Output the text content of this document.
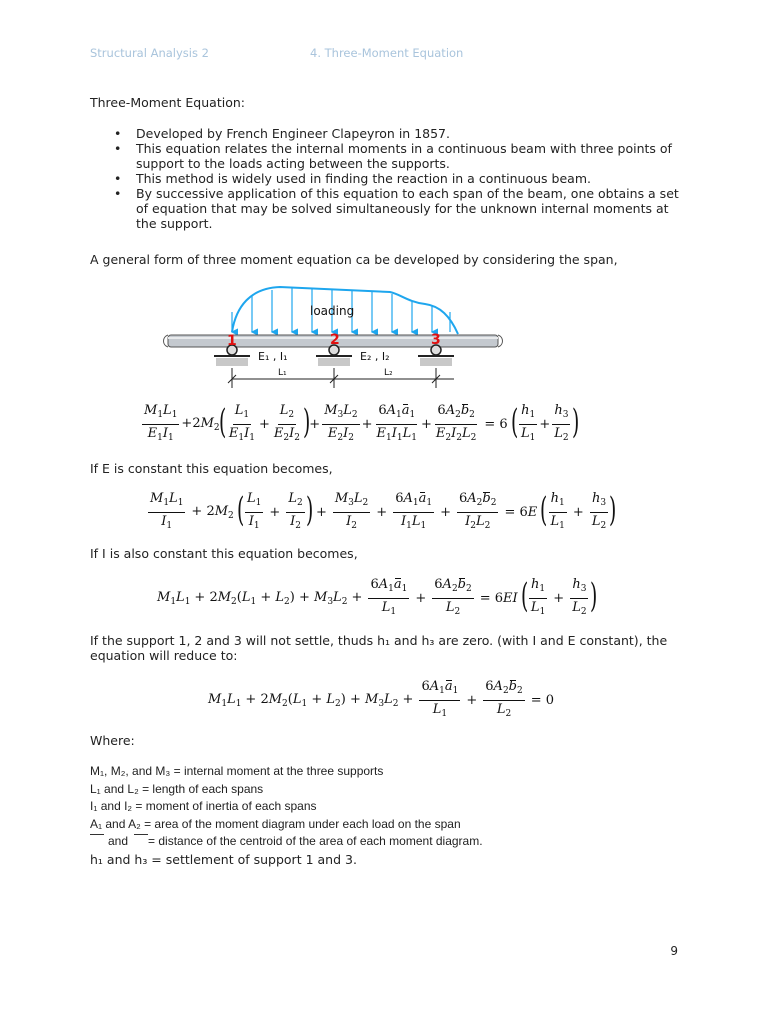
Structural Analysis 2	4. Three-Moment Equation
Three-Moment Equation:
• Developed by French Engineer Clapeyron in 1857.
• This equation relates the internal moments in a continuous beam with three points of support to the loads acting between the supports.
• This method is widely used in finding the reaction in a continuous beam.
• By successive application of this equation to each span of the beam, one obtains a set of equation that may be solved simultaneously for the unknown internal moments at the support.
A general form of three moment equation ca be developed by considering the span,
loading
1	2	3
E₁ , I₁	E₂ , I₂
L₁	L₂
$\frac{M_1L_1}{E_1I_1} +2M_2$
( $\frac{L_1}{E_1I_1} + \frac{L_2}{E_2I_2}$ )
+ $\frac{M_3L_2}{E_2I_2} + \frac{6A_1a_1}{E_1I_1L_1} + \frac{6A_2b_2}{E_2I_2L_2} = 6$ ( $\frac{h_1}{L_1} + \frac{h_3}{L_2}$ )
If E is constant this equation becomes,
$\frac{M_1L_1}{I_1} + 2M_2$ ( $\frac{L_1}{I_1} + \frac{L_2}{I_2}$ ) + $\frac{M_3L_2}{I_2} + \frac{6A_1a_1}{I_1L_1} + \frac{6A_2b_2}{I_2L_2} = 6E$ ( $\frac{h_1}{L_1} + \frac{h_3}{L_2}$ )
If I is also constant this equation becomes,
$M_1L_1 + 2M_2(L_1 + L_2) + M_3L_2 + \frac{6A_1a_1}{L_1} + \frac{6A_2b_2}{L_2} = 6EI$ ( $\frac{h_1}{L_1} + \frac{h_3}{L_2}$ )
If the support 1, 2 and 3 will not settle, thuds h₁ and h₃ are zero. (with I and E constant), the equation will reduce to:
$M_1L_1 + 2M_2(L_1 + L_2) + M_3L_2 + \frac{6A_1a_1}{L_1} + \frac{6A_2b_2}{L_2} = 0$
Where:
M₁, M₂, and M₃ = internal moment at the three supports
L₁ and L₂ = length of each spans
I₁ and I₂ = moment of inertia of each spans
A₁ and A₂ = area of the moment diagram under each load on the span
and      = distance of the centroid of the area of each moment diagram.
h₁ and h₃ = settlement of support 1 and 3.
9
